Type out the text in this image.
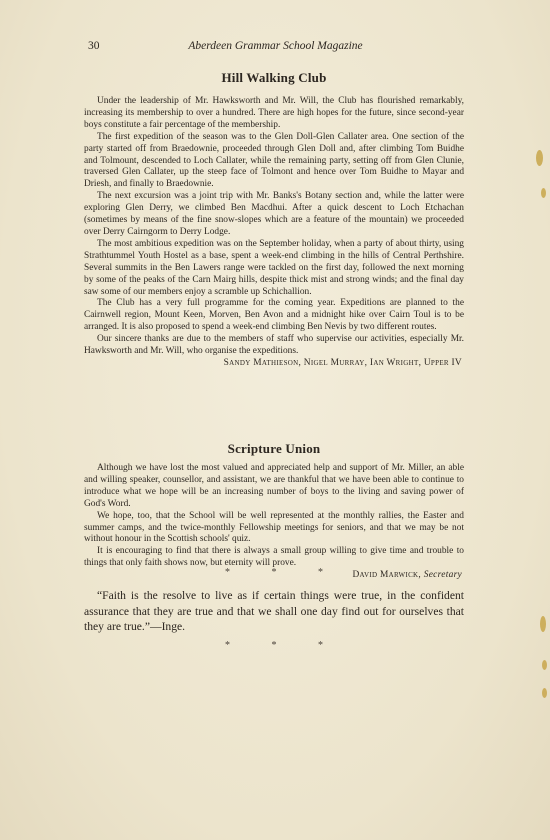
30	Aberdeen Grammar School Magazine
Hill Walking Club

Under the leadership of Mr. Hawksworth and Mr. Will, the Club has flourished remarkably, increasing its membership to over a hundred. There are high hopes for the future, since second-year boys constitute a fair percentage of the membership.

The first expedition of the season was to the Glen Doll-Glen Callater area. One section of the party started off from Braedownie, proceeded through Glen Doll and, after climbing Tom Buidhe and Tolmount, descended to Loch Callater, while the remaining party, setting off from Glen Clunie, traversed Glen Callater, up the steep face of Tolmont and hence over Tom Buidhe to Mayar and Driesh, and finally to Braedownie.

The next excursion was a joint trip with Mr. Banks's Botany section and, while the latter were exploring Glen Derry, we climbed Ben Macdhui. After a quick descent to Loch Etchachan (sometimes by means of the fine snow-slopes which are a feature of the mountain) we proceeded over Derry Cairngorm to Derry Lodge.

The most ambitious expedition was on the September holiday, when a party of about thirty, using Strathtummel Youth Hostel as a base, spent a week-end climbing in the hills of Central Perthshire. Several summits in the Ben Lawers range were tackled on the first day, followed the next morning by some of the peaks of the Carn Mairg hills, despite thick mist and strong winds; and the final day saw some of our members enjoy a scramble up Schichallion.

The Club has a very full programme for the coming year. Expeditions are planned to the Cairnwell region, Mount Keen, Morven, Ben Avon and a midnight hike over Cairn Toul is to be arranged. It is also proposed to spend a week-end climbing Ben Nevis by two different routes.

Our sincere thanks are due to the members of staff who supervise our activities, especially Mr. Hawksworth and Mr. Will, who organise the expeditions.

Sandy Mathieson, Nigel Murray, Ian Wright, Upper IV
Scripture Union

Although we have lost the most valued and appreciated help and support of Mr. Miller, an able and willing speaker, counsellor, and assistant, we are thankful that we have been able to continue to introduce what we hope will be an increasing number of boys to the living and saving power of God's Word.

We hope, too, that the School will be well represented at the monthly rallies, the Easter and summer camps, and the twice-monthly Fellowship meetings for seniors, and that we may be not without honour in the Scottish schools' quiz.

It is encouraging to find that there is always a small group willing to give time and trouble to things that only faith shows now, but eternity will prove.

David Marwick, Secretary
*	*	*

“Faith is the resolve to live as if certain things were true, in the confident assurance that they are true and that we shall one day find out for ourselves that they are true.”—Inge.

*	*	*
